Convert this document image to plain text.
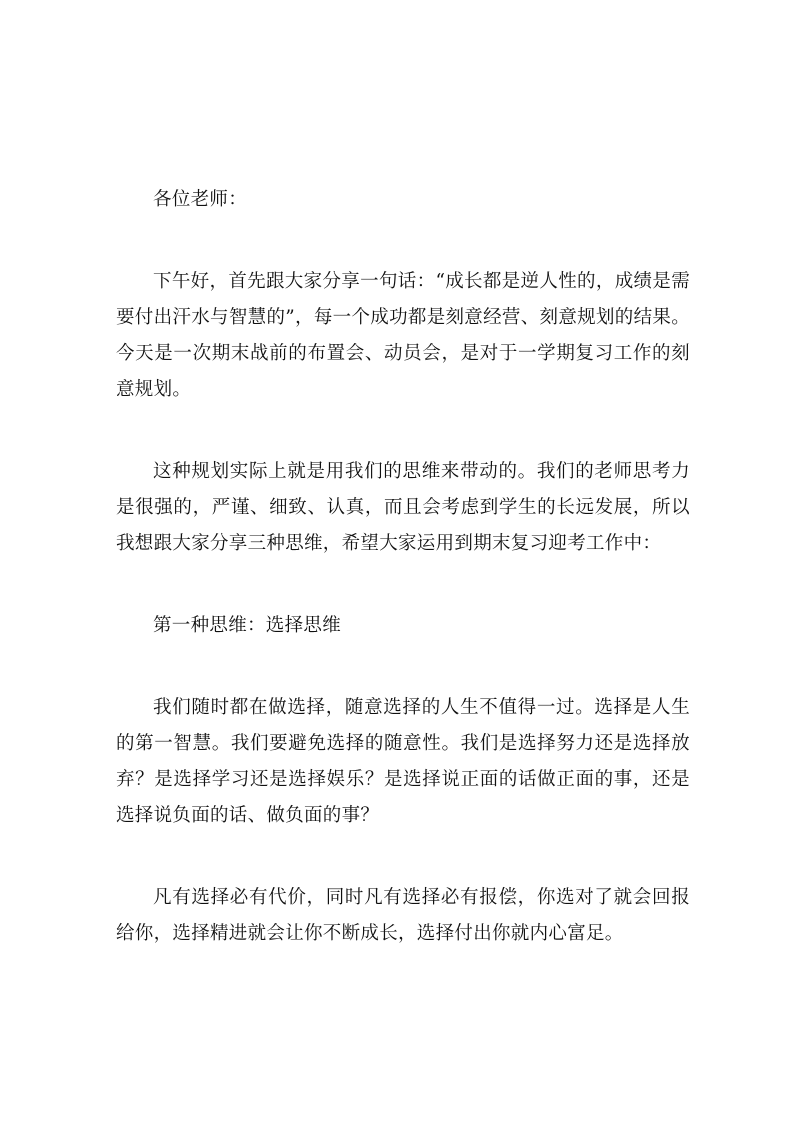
各位老师：

下午好，首先跟大家分享一句话：“成长都是逆人性的，成绩是需要付出汗水与智慧的”，每一个成功都是刻意经营、刻意规划的结果。今天是一次期末战前的布置会、动员会，是对于一学期复习工作的刻意规划。

这种规划实际上就是用我们的思维来带动的。我们的老师思考力是很强的，严谨、细致、认真，而且会考虑到学生的长远发展，所以我想跟大家分享三种思维，希望大家运用到期末复习迎考工作中：

第一种思维：选择思维

我们随时都在做选择，随意选择的人生不值得一过。选择是人生的第一智慧。我们要避免选择的随意性。我们是选择努力还是选择放弃？是选择学习还是选择娱乐？是选择说正面的话做正面的事，还是选择说负面的话、做负面的事？

凡有选择必有代价，同时凡有选择必有报偿，你选对了就会回报给你，选择精进就会让你不断成长，选择付出你就内心富足。
